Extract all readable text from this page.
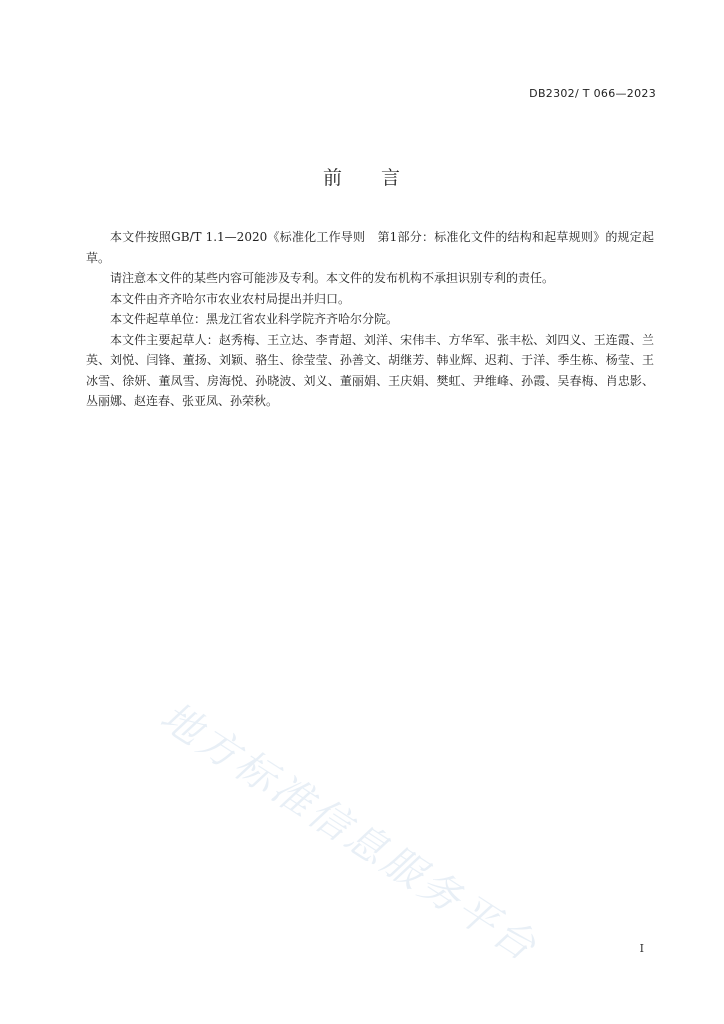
DB2302/ T 066—2023
前 言

本文件按照GB/T 1.1—2020《标准化工作导则　第1部分：标准化文件的结构和起草规则》的规定起草。

请注意本文件的某些内容可能涉及专利。本文件的发布机构不承担识别专利的责任。

本文件由齐齐哈尔市农业农村局提出并归口。

本文件起草单位：黑龙江省农业科学院齐齐哈尔分院。

本文件主要起草人：赵秀梅、王立达、李青超、刘洋、宋伟丰、方华军、张丰松、刘四义、王连霞、兰英、刘悦、闫锋、董扬、刘颖、骆生、徐莹莹、孙善文、胡继芳、韩业辉、迟莉、于洋、季生栋、杨莹、王冰雪、徐妍、董凤雪、房海悦、孙晓波、刘义、董丽娟、王庆娟、樊虹、尹维峰、孙霞、吴春梅、肖忠影、丛丽娜、赵连春、张亚凤、孙荣秋。

地方标准信息服务平台	I
